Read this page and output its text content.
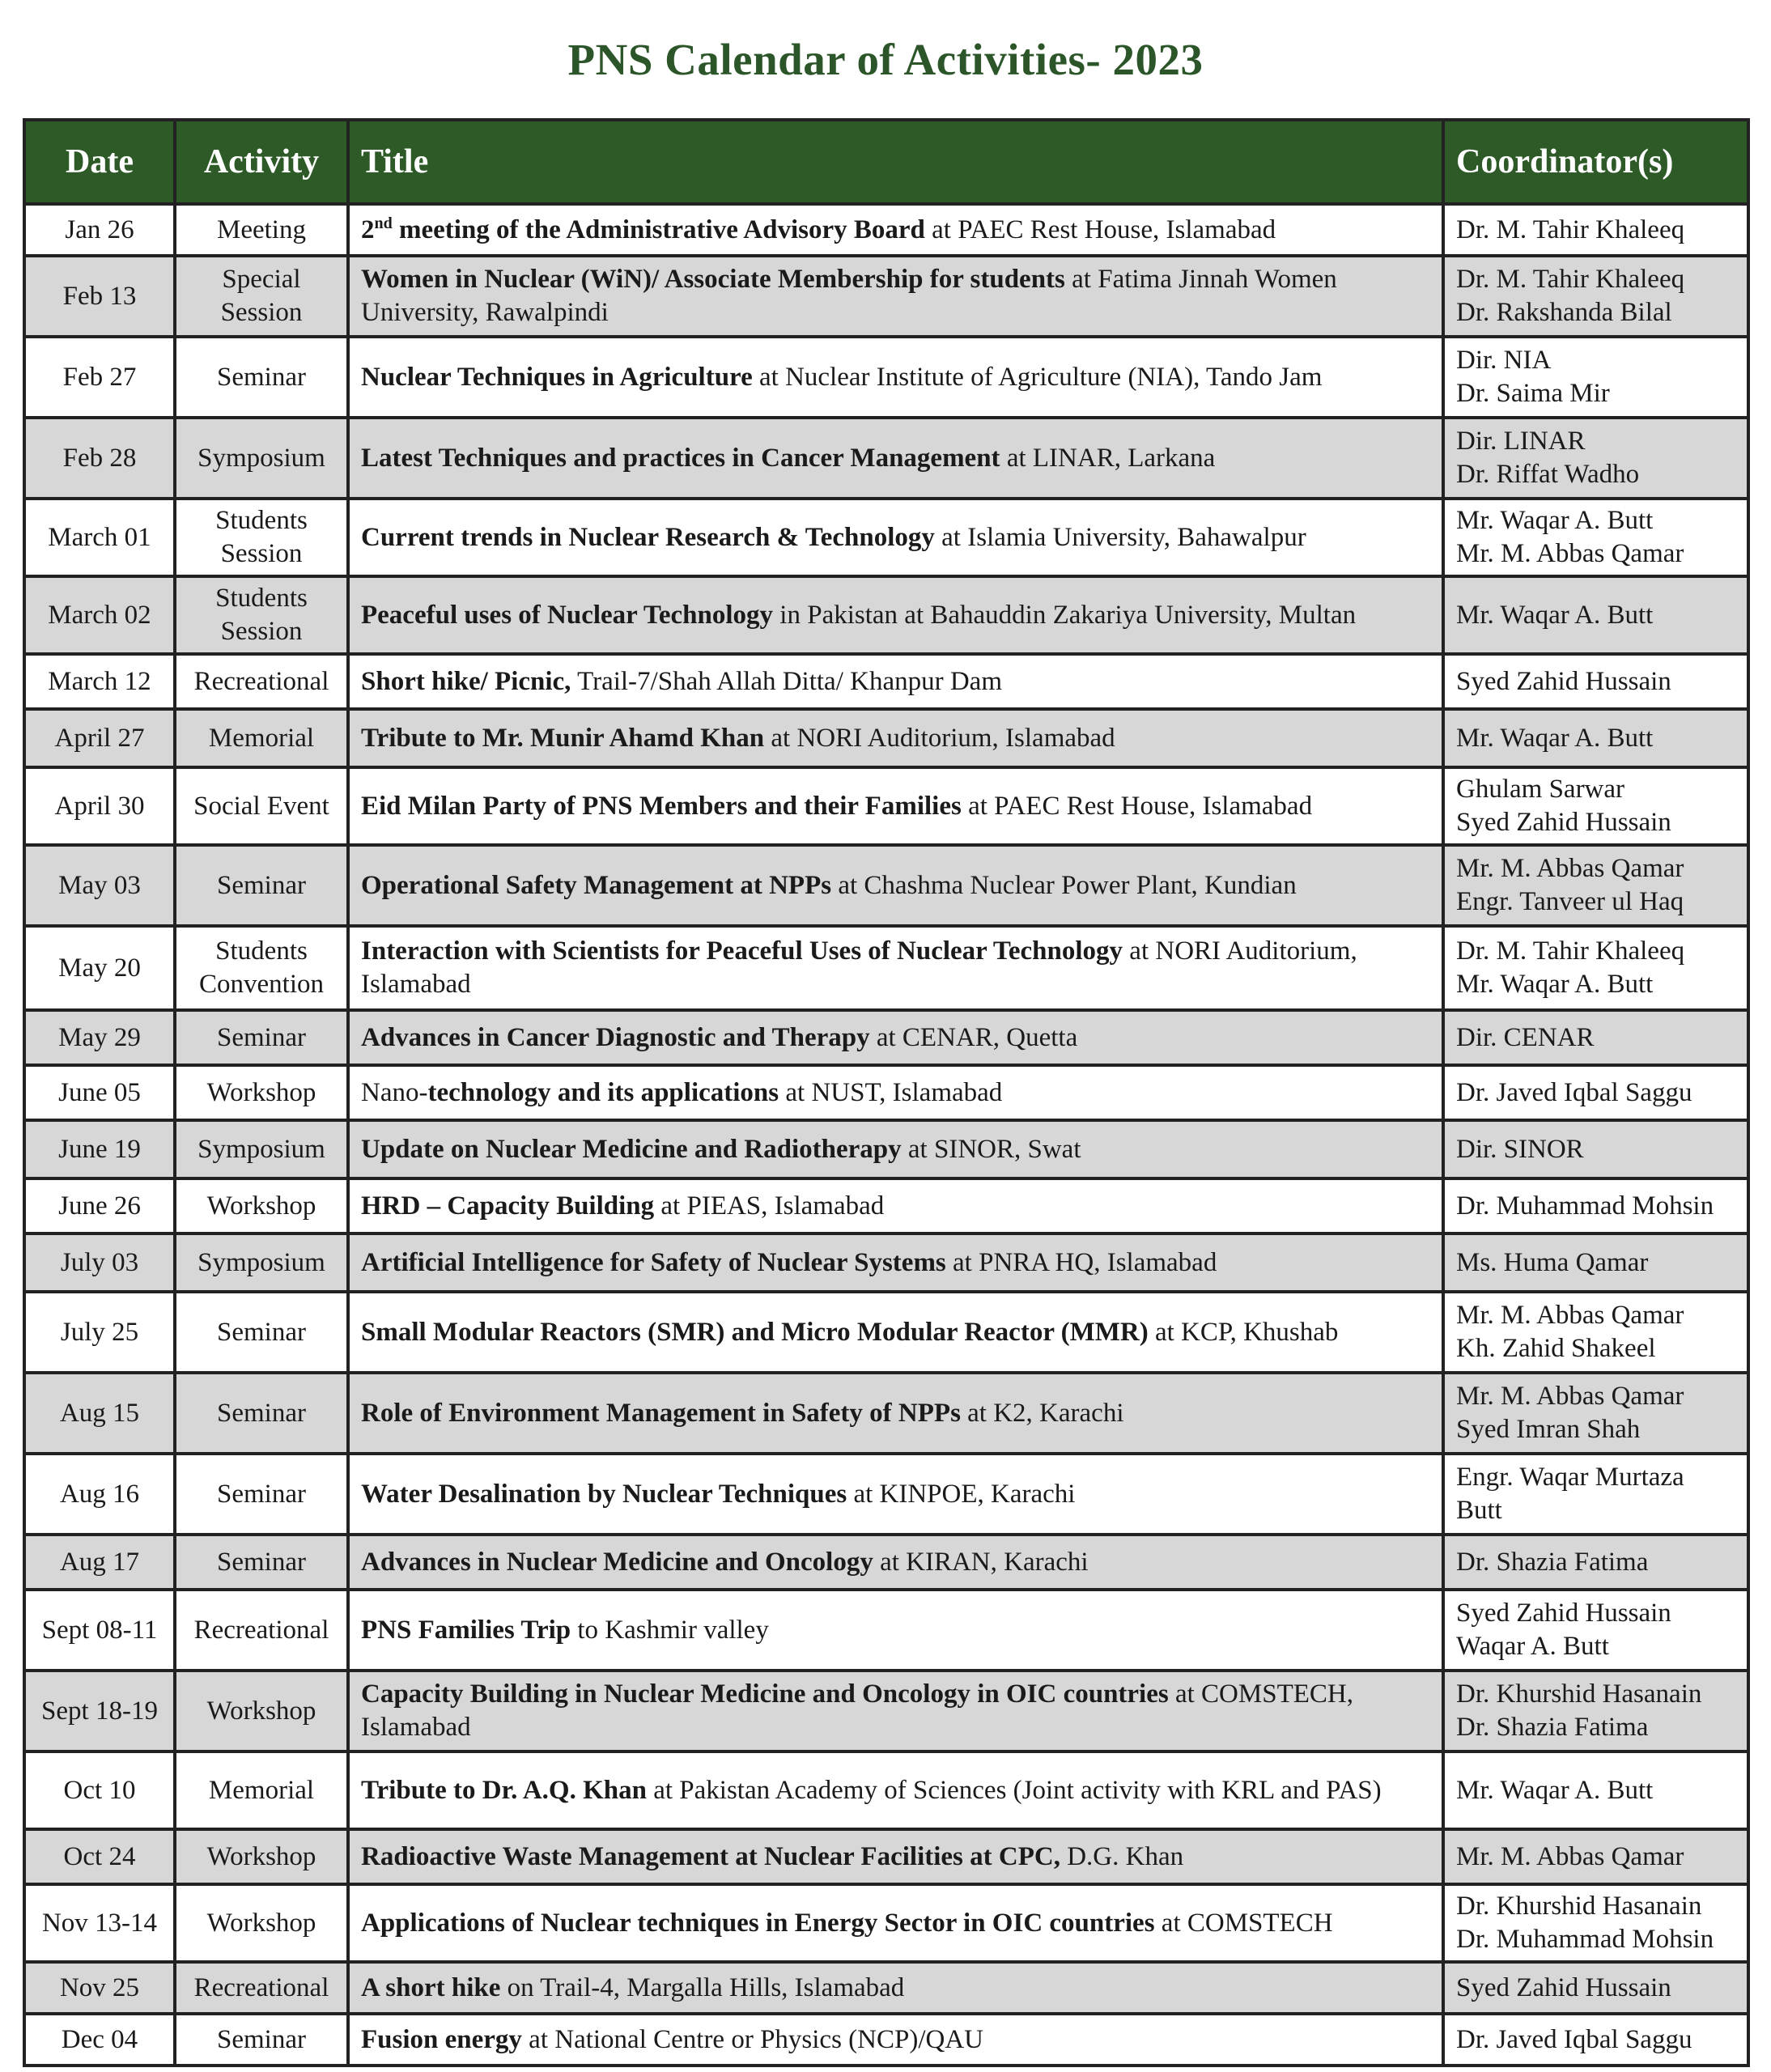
PNS Calendar of Activities- 2023
Date	Activity	Title	Coordinator(s)
Jan 26	Meeting	2nd meeting of the Administrative Advisory Board at PAEC Rest House, Islamabad	Dr. M. Tahir Khaleeq

Feb 13	Special Session	Women in Nuclear (WiN)/ Associate Membership for students at Fatima Jinnah Women University, Rawalpindi	Dr. M. Tahir Khaleeq
Dr. Rakshanda Bilal

Feb 27	Seminar	Nuclear Techniques in Agriculture at Nuclear Institute of Agriculture (NIA), Tando Jam	Dir. NIA
Dr. Saima Mir

Feb 28	Symposium	Latest Techniques and practices in Cancer Management at LINAR, Larkana	Dir. LINAR
Dr. Riffat Wadho

March 01	Students Session	Current trends in Nuclear Research & Technology at Islamia University, Bahawalpur	Mr. Waqar A. Butt
Mr. M. Abbas Qamar

March 02	Students Session	Peaceful uses of Nuclear Technology in Pakistan at Bahauddin Zakariya University, Multan	Mr. Waqar A. Butt

March 12	Recreational	Short hike/ Picnic, Trail-7/Shah Allah Ditta/ Khanpur Dam	Syed Zahid Hussain

April 27	Memorial	Tribute to Mr. Munir Ahamd Khan at NORI Auditorium, Islamabad	Mr. Waqar A. Butt

April 30	Social Event	Eid Milan Party of PNS Members and their Families at PAEC Rest House, Islamabad	Ghulam Sarwar
Syed Zahid Hussain

May 03	Seminar	Operational Safety Management at NPPs at Chashma Nuclear Power Plant, Kundian	Mr. M. Abbas Qamar
Engr. Tanveer ul Haq

May 20	Students Convention	Interaction with Scientists for Peaceful Uses of Nuclear Technology at NORI Auditorium, Islamabad	Dr. M. Tahir Khaleeq
Mr. Waqar A. Butt

May 29	Seminar	Advances in Cancer Diagnostic and Therapy at CENAR, Quetta	Dir. CENAR

June 05	Workshop	Nano-technology and its applications at NUST, Islamabad	Dr. Javed Iqbal Saggu

June 19	Symposium	Update on Nuclear Medicine and Radiotherapy at SINOR, Swat	Dir. SINOR

June 26	Workshop	HRD – Capacity Building at PIEAS, Islamabad	Dr. Muhammad Mohsin

July 03	Symposium	Artificial Intelligence for Safety of Nuclear Systems at PNRA HQ, Islamabad	Ms. Huma Qamar

July 25	Seminar	Small Modular Reactors (SMR) and Micro Modular Reactor (MMR) at KCP, Khushab	Mr. M. Abbas Qamar
Kh. Zahid Shakeel

Aug 15	Seminar	Role of Environment Management in Safety of NPPs at K2, Karachi	Mr. M. Abbas Qamar
Syed Imran Shah

Aug 16	Seminar	Water Desalination by Nuclear Techniques at KINPOE, Karachi	Engr. Waqar Murtaza
Butt

Aug 17	Seminar	Advances in Nuclear Medicine and Oncology at KIRAN, Karachi	Dr. Shazia Fatima

Sept 08-11	Recreational	PNS Families Trip to Kashmir valley	Syed Zahid Hussain
Waqar A. Butt

Sept 18-19	Workshop	Capacity Building in Nuclear Medicine and Oncology in OIC countries at COMSTECH, Islamabad	Dr. Khurshid Hasanain
Dr. Shazia Fatima

Oct 10	Memorial	Tribute to Dr. A.Q. Khan at Pakistan Academy of Sciences (Joint activity with KRL and PAS)	Mr. Waqar A. Butt

Oct 24	Workshop	Radioactive Waste Management at Nuclear Facilities at CPC, D.G. Khan	Mr. M. Abbas Qamar

Nov 13-14	Workshop	Applications of Nuclear techniques in Energy Sector in OIC countries at COMSTECH	Dr. Khurshid Hasanain
Dr. Muhammad Mohsin

Nov 25	Recreational	A short hike on Trail-4, Margalla Hills, Islamabad	Syed Zahid Hussain

Dec 04	Seminar	Fusion energy at National Centre or Physics (NCP)/QAU	Dr. Javed Iqbal Saggu
